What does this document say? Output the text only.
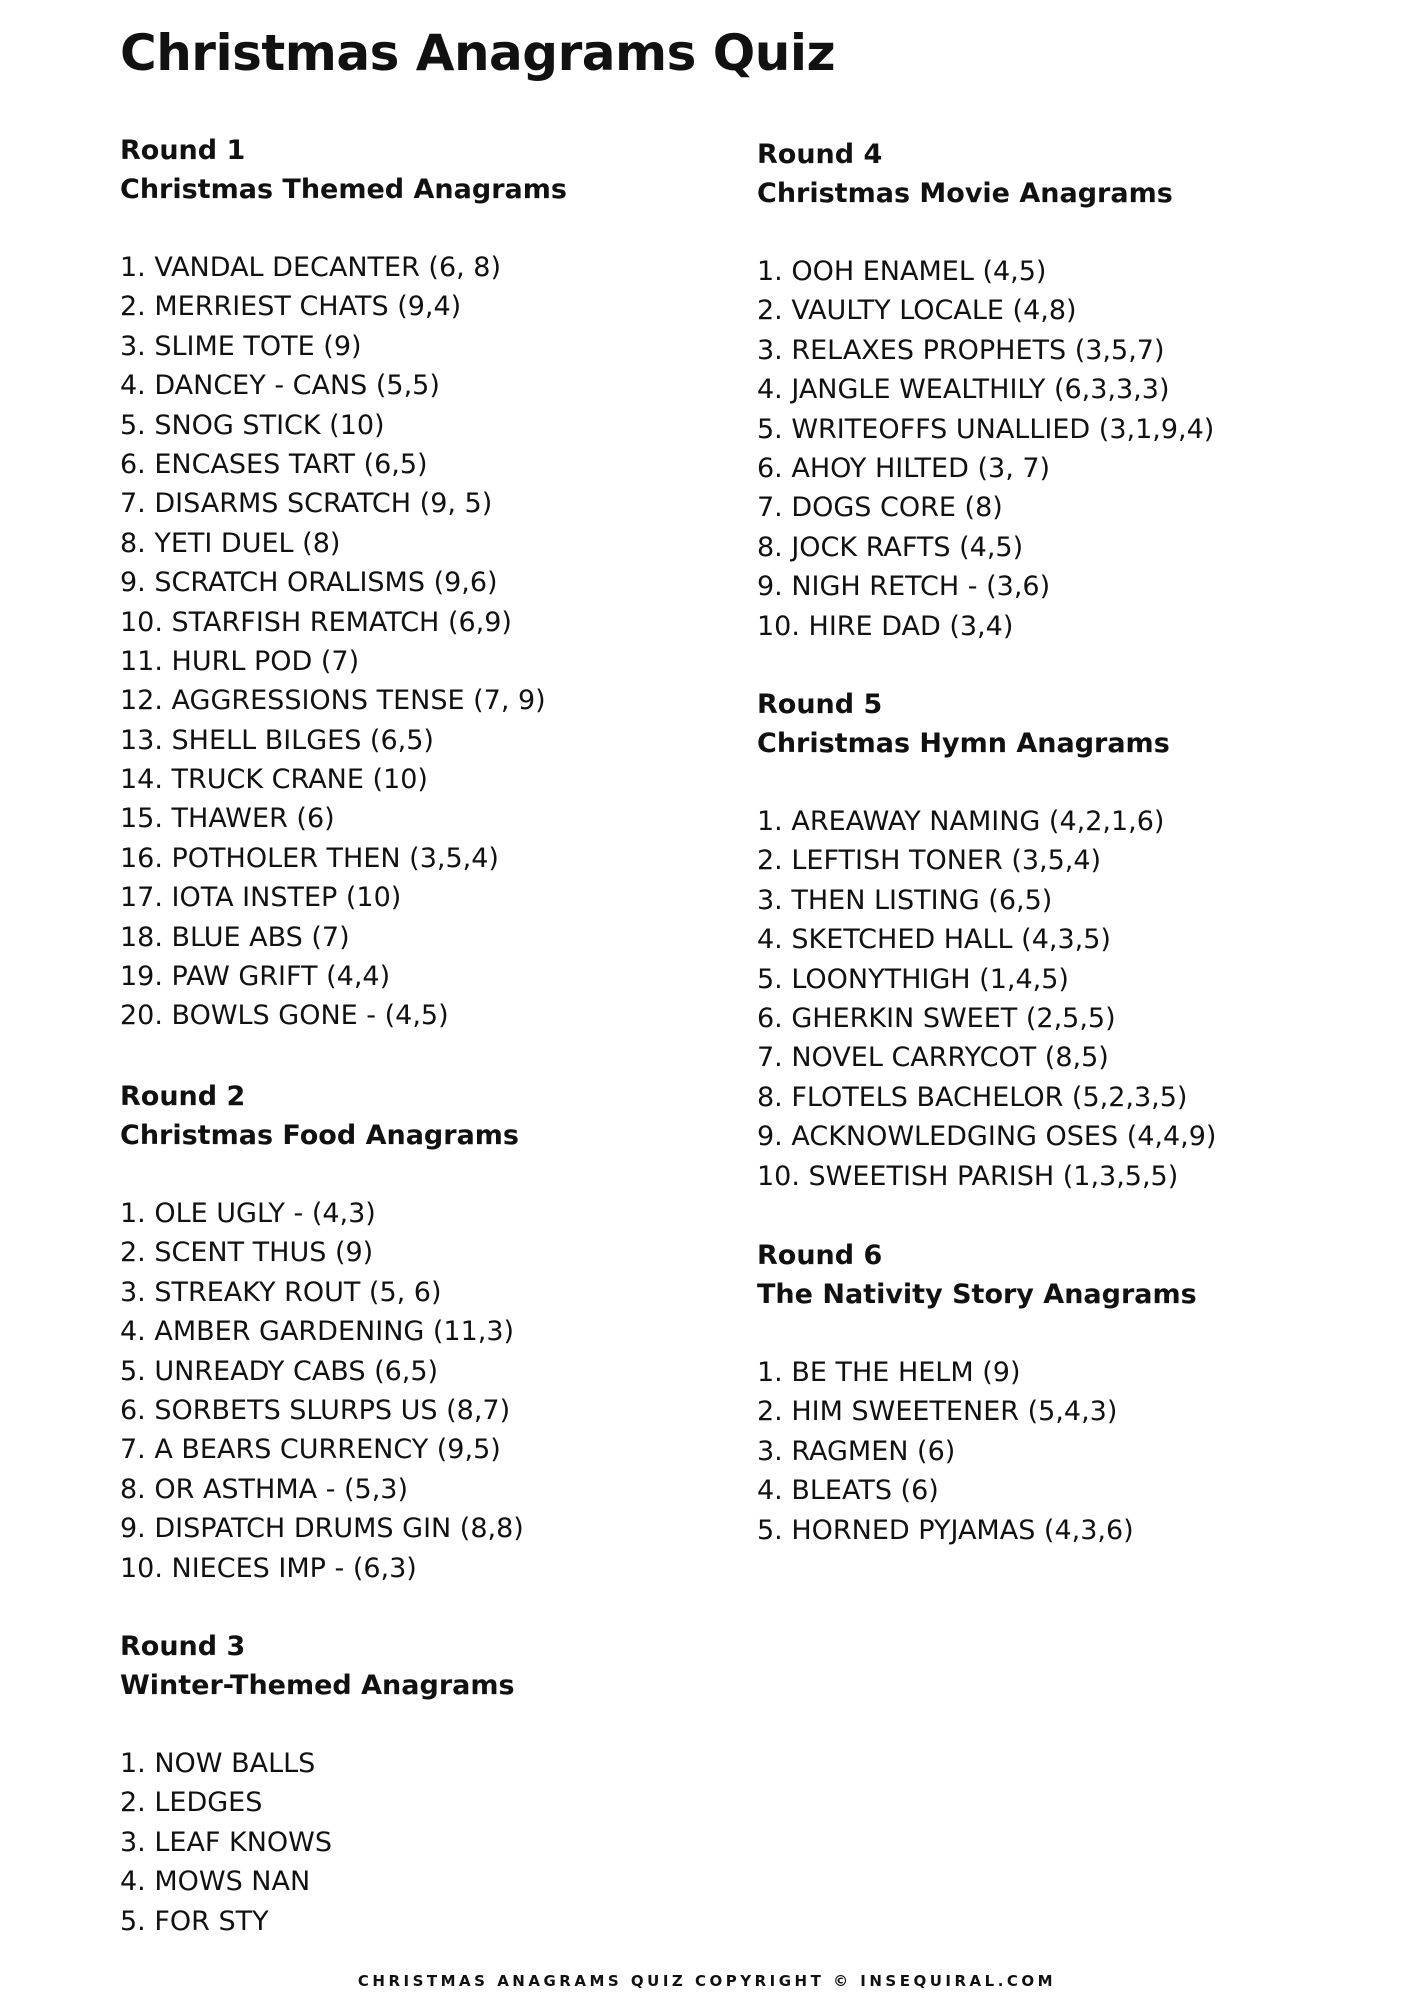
Christmas Anagrams Quiz
Round 1
Christmas Themed Anagrams
1. VANDAL DECANTER (6, 8)
2. MERRIEST CHATS (9,4)
3. SLIME TOTE (9)
4. DANCEY - CANS (5,5)
5. SNOG STICK (10)
6. ENCASES TART (6,5)
7. DISARMS SCRATCH (9, 5)
8. YETI DUEL (8)
9. SCRATCH ORALISMS (9,6)
10. STARFISH REMATCH (6,9)
11. HURL POD (7)
12. AGGRESSIONS TENSE (7, 9)
13. SHELL BILGES (6,5)
14. TRUCK CRANE (10)
15. THAWER (6)
16. POTHOLER THEN (3,5,4)
17. IOTA INSTEP (10)
18. BLUE ABS (7)
19. PAW GRIFT (4,4)
20. BOWLS GONE - (4,5)
Round 2
Christmas Food Anagrams
1. OLE UGLY - (4,3)
2. SCENT THUS (9)
3. STREAKY ROUT (5, 6)
4. AMBER GARDENING (11,3)
5. UNREADY CABS (6,5)
6. SORBETS SLURPS US (8,7)
7. A BEARS CURRENCY (9,5)
8. OR ASTHMA - (5,3)
9. DISPATCH DRUMS GIN (8,8)
10. NIECES IMP - (6,3)
Round 3
Winter-Themed Anagrams
1. NOW BALLS
2. LEDGES
3. LEAF KNOWS
4. MOWS NAN
5. FOR STY
Round 4
Christmas Movie Anagrams
1. OOH ENAMEL (4,5)
2. VAULTY LOCALE (4,8)
3. RELAXES PROPHETS (3,5,7)
4. JANGLE WEALTHILY (6,3,3,3)
5. WRITEOFFS UNALLIED (3,1,9,4)
6. AHOY HILTED (3, 7)
7. DOGS CORE (8)
8. JOCK RAFTS (4,5)
9. NIGH RETCH - (3,6)
10. HIRE DAD (3,4)
Round 5
Christmas Hymn Anagrams
1. AREAWAY NAMING (4,2,1,6)
2. LEFTISH TONER (3,5,4)
3. THEN LISTING (6,5)
4. SKETCHED HALL (4,3,5)
5. LOONYTHIGH (1,4,5)
6. GHERKIN SWEET (2,5,5)
7. NOVEL CARRYCOT (8,5)
8. FLOTELS BACHELOR (5,2,3,5)
9. ACKNOWLEDGING OSES (4,4,9)
10. SWEETISH PARISH (1,3,5,5)
Round 6
The Nativity Story Anagrams
1. BE THE HELM (9)
2. HIM SWEETENER (5,4,3)
3. RAGMEN (6)
4. BLEATS (6)
5. HORNED PYJAMAS (4,3,6)
CHRISTMAS ANAGRAMS QUIZ COPYRIGHT © INSEQUIRAL.COM
